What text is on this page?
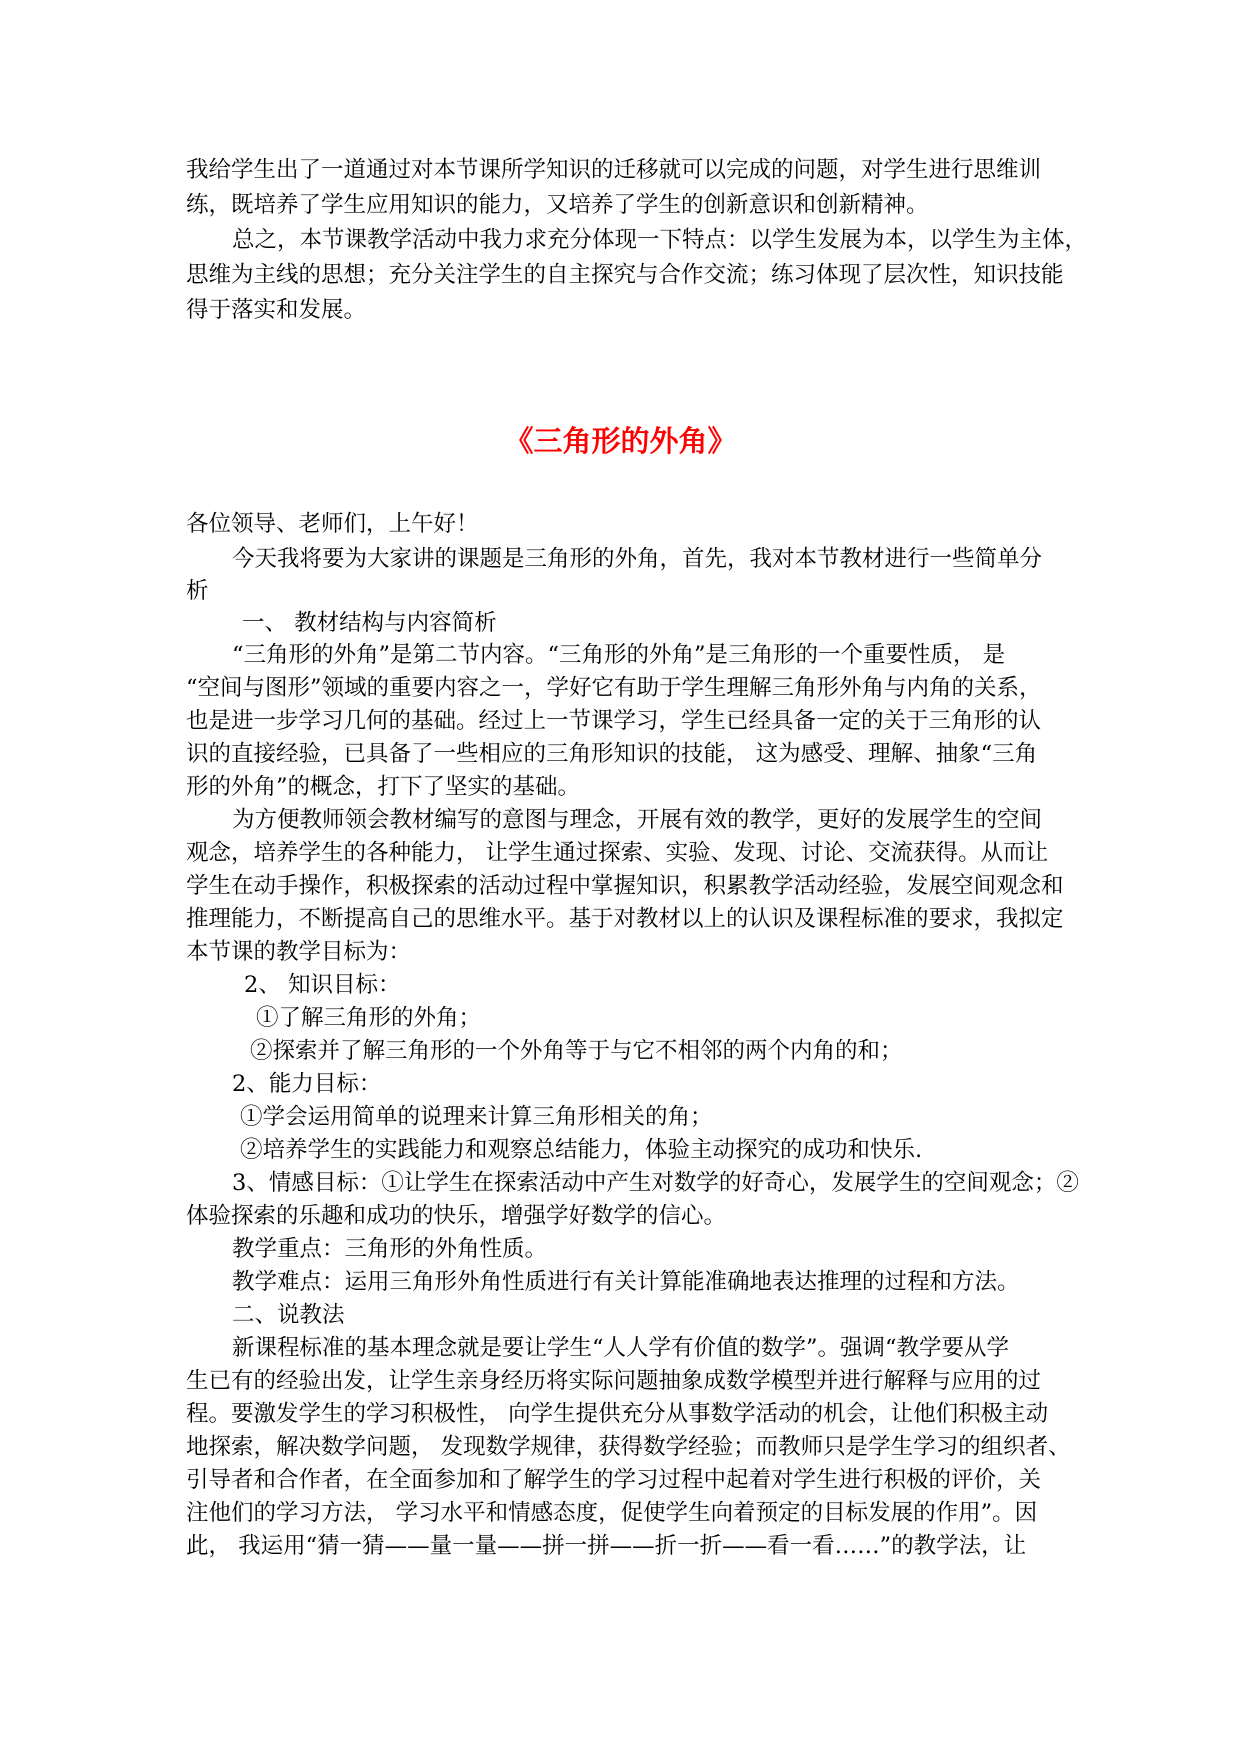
我给学生出了一道通过对本节课所学知识的迁移就可以完成的问题，对学生进行思维训
练，既培养了学生应用知识的能力，又培养了学生的创新意识和创新精神。
总之，本节课教学活动中我力求充分体现一下特点：以学生发展为本，以学生为主体，
思维为主线的思想；充分关注学生的自主探究与合作交流；练习体现了层次性，知识技能
得于落实和发展。
《三角形的外角》
各位领导、老师们，上午好！
今天我将要为大家讲的课题是三角形的外角，首先，我对本节教材进行一些简单分
析
一、 教材结构与内容简析
“三角形的外角”是第二节内容。“三角形的外角”是三角形的一个重要性质， 是
“空间与图形”领域的重要内容之一，学好它有助于学生理解三角形外角与内角的关系，
也是进一步学习几何的基础。经过上一节课学习，学生已经具备一定的关于三角形的认
识的直接经验，已具备了一些相应的三角形知识的技能， 这为感受、理解、抽象“三角
形的外角”的概念，打下了坚实的基础。
为方便教师领会教材编写的意图与理念，开展有效的教学，更好的发展学生的空间
观念，培养学生的各种能力， 让学生通过探索、实验、发现、讨论、交流获得。从而让
学生在动手操作，积极探索的活动过程中掌握知识，积累教学活动经验，发展空间观念和
推理能力，不断提高自己的思维水平。基于对教材以上的认识及课程标准的要求，我拟定
本节课的教学目标为：
2、 知识目标：
①了解三角形的外角；
②探索并了解三角形的一个外角等于与它不相邻的两个内角的和；
2、能力目标：
①学会运用简单的说理来计算三角形相关的角；
②培养学生的实践能力和观察总结能力，体验主动探究的成功和快乐.
3、情感目标：①让学生在探索活动中产生对数学的好奇心，发展学生的空间观念；②
体验探索的乐趣和成功的快乐，增强学好数学的信心。
教学重点：三角形的外角性质。
教学难点：运用三角形外角性质进行有关计算能准确地表达推理的过程和方法。
二、说教法
新课程标准的基本理念就是要让学生“人人学有价值的数学”。强调“教学要从学
生已有的经验出发，让学生亲身经历将实际问题抽象成数学模型并进行解释与应用的过
程。要激发学生的学习积极性， 向学生提供充分从事数学活动的机会，让他们积极主动
地探索，解决数学问题， 发现数学规律，获得数学经验；而教师只是学生学习的组织者、
引导者和合作者，在全面参加和了解学生的学习过程中起着对学生进行积极的评价，关
注他们的学习方法， 学习水平和情感态度，促使学生向着预定的目标发展的作用”。因
此， 我运用“猜一猜——量一量——拼一拼——折一折——看一看……”的教学法，让
